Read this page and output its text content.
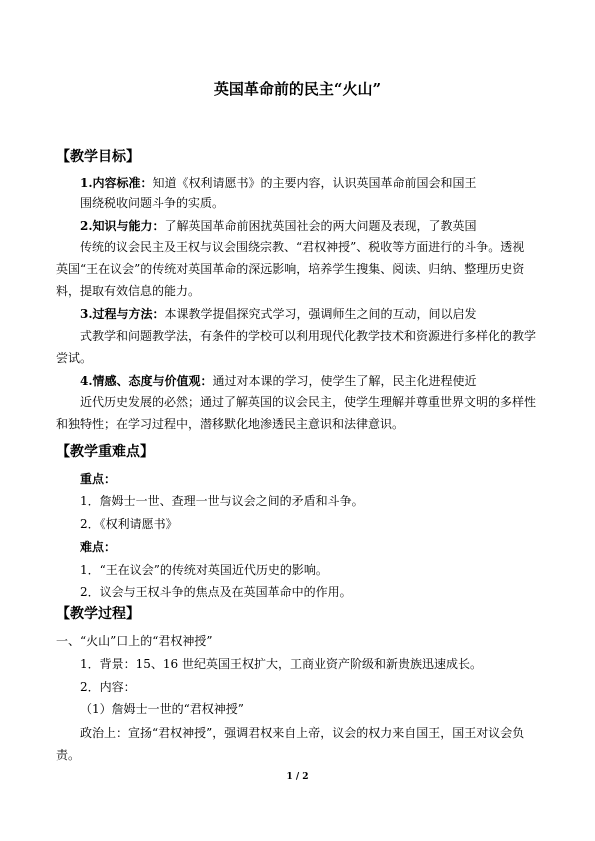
英国革命前的民主“火山”
【教学目标】
1.内容标准：知道《权利请愿书》的主要内容，认识英国革命前国会和国王
围绕税收问题斗争的实质。
2.知识与能力：了解英国革命前困扰英国社会的两大问题及表现，了教英国
传统的议会民主及王权与议会围绕宗教、“君权神授”、税收等方面进行的斗争。透视
英国“王在议会”的传统对英国革命的深远影响，培养学生搜集、阅读、归纳、整理历史资
料，提取有效信息的能力。
3.过程与方法：本课教学提倡探究式学习，强调师生之间的互动，间以启发
式教学和问题教学法，有条件的学校可以利用现代化教学技术和资源进行多样化的教学
尝试。
4.情感、态度与价值观：通过对本课的学习，使学生了解，民主化进程使近
近代历史发展的必然；通过了解英国的议会民主，使学生理解并尊重世界文明的多样性
和独特性；在学习过程中，潜移默化地渗透民主意识和法律意识。
【教学重难点】
重点：
1．詹姆士一世、查理一世与议会之间的矛盾和斗争。
2．《权利请愿书》
难点：
1．“王在议会”的传统对英国近代历史的影响。
2．议会与王权斗争的焦点及在英国革命中的作用。
【教学过程】
一、“火山”口上的“君权神授”
1．背景：15、16 世纪英国王权扩大，工商业资产阶级和新贵族迅速成长。
2．内容：
（1）詹姆士一世的“君权神授”
政治上：宣扬“君权神授”，强调君权来自上帝，议会的权力来自国王，国王对议会负
责。
1 / 2
